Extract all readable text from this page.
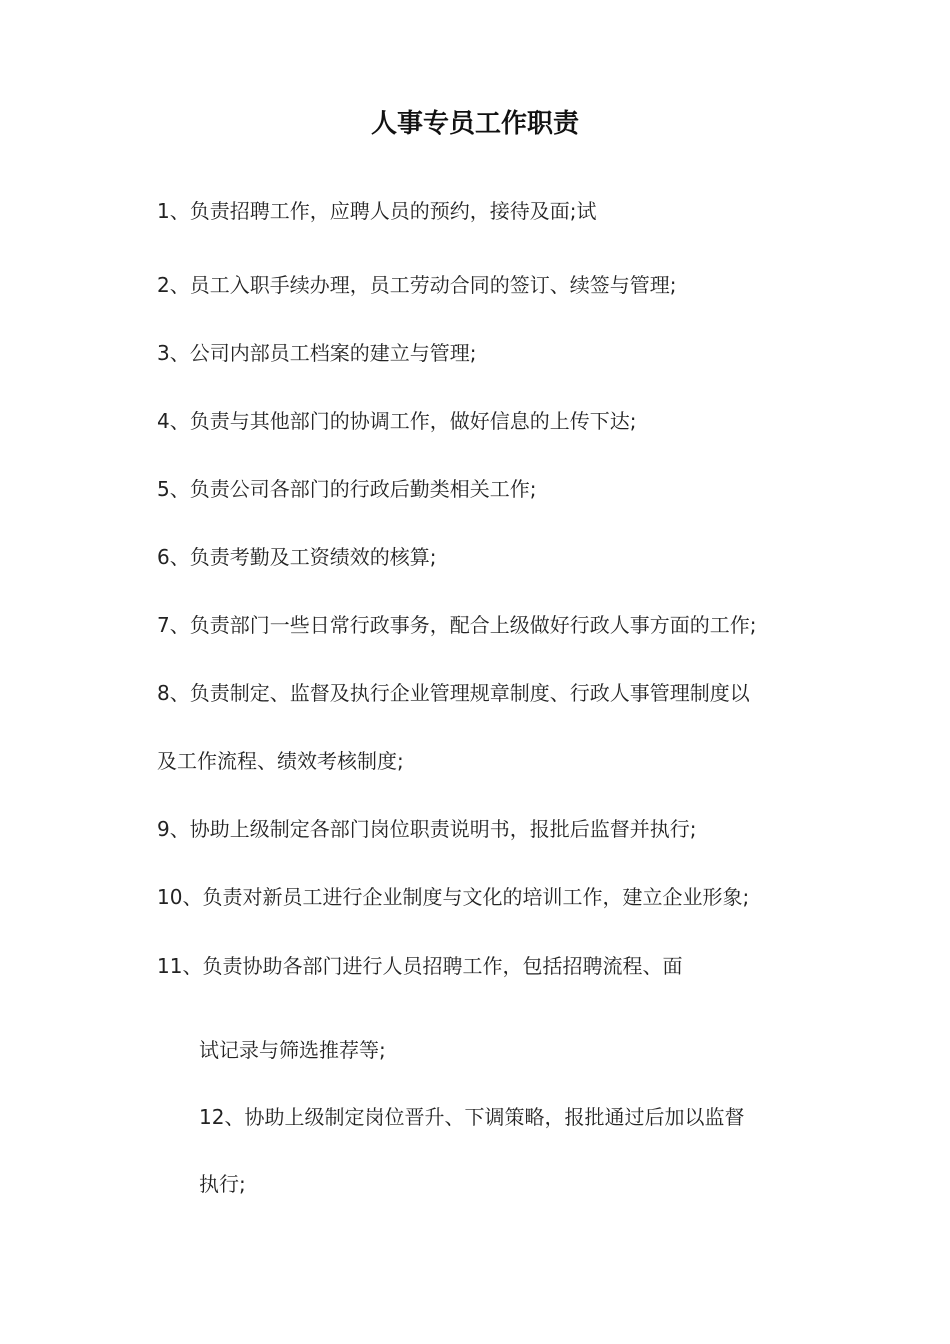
人事专员工作职责
1、负责招聘工作，应聘人员的预约，接待及面;试
2、员工入职手续办理，员工劳动合同的签订、续签与管理;
3、公司内部员工档案的建立与管理;
4、负责与其他部门的协调工作，做好信息的上传下达;
5、负责公司各部门的行政后勤类相关工作;
6、负责考勤及工资绩效的核算;
7、负责部门一些日常行政事务，配合上级做好行政人事方面的工作;
8、负责制定、监督及执行企业管理规章制度、行政人事管理制度以
及工作流程、绩效考核制度;
9、协助上级制定各部门岗位职责说明书，报批后监督并执行;
10、负责对新员工进行企业制度与文化的培训工作，建立企业形象;
11、负责协助各部门进行人员招聘工作，包括招聘流程、面
试记录与筛选推荐等;
12、协助上级制定岗位晋升、下调策略，报批通过后加以监督
执行;
